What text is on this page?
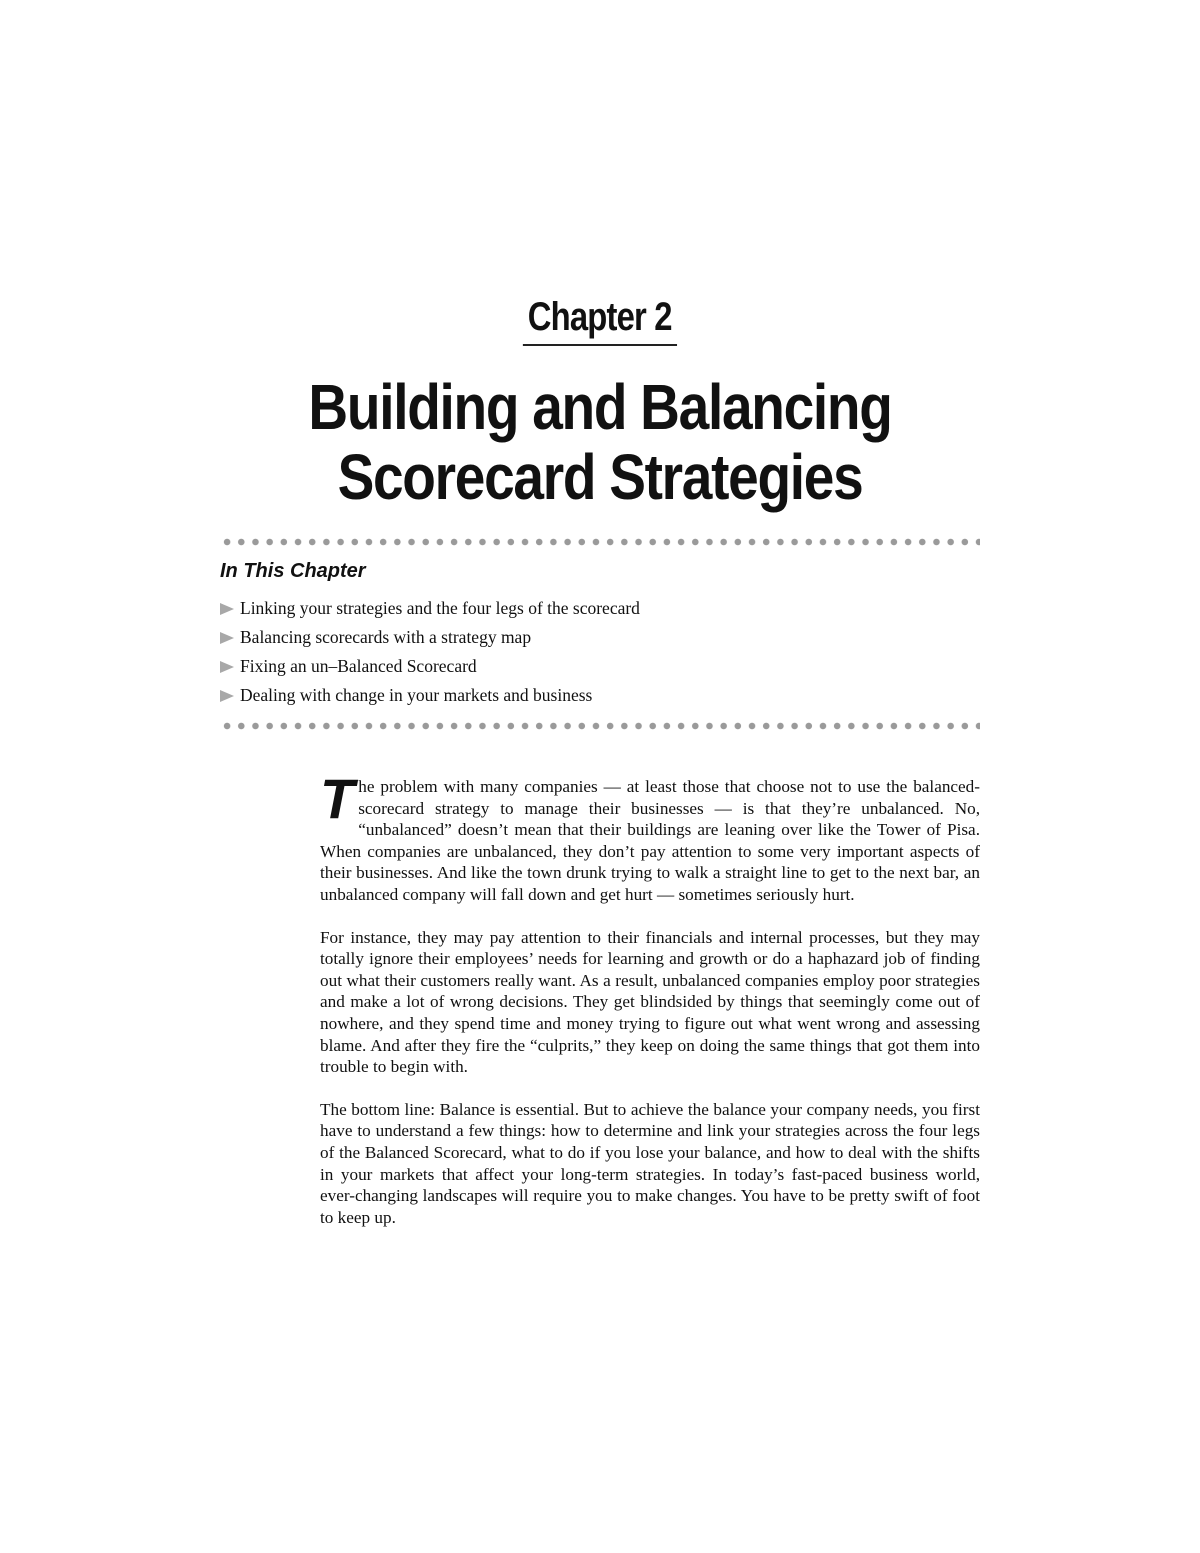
Chapter 2
Building and Balancing
Scorecard Strategies
In This Chapter
Linking your strategies and the four legs of the scorecard
Balancing scorecards with a strategy map
Fixing an un–Balanced Scorecard
Dealing with change in your markets and business

The problem with many companies — at least those that choose not to use the balanced-scorecard strategy to manage their businesses — is that they’re unbalanced. No, “unbalanced” doesn’t mean that their buildings are leaning over like the Tower of Pisa. When companies are unbalanced, they don’t pay attention to some very important aspects of their businesses. And like the town drunk trying to walk a straight line to get to the next bar, an unbalanced company will fall down and get hurt — sometimes seriously hurt.

For instance, they may pay attention to their financials and internal processes, but they may totally ignore their employees’ needs for learning and growth or do a haphazard job of finding out what their customers really want. As a result, unbalanced companies employ poor strategies and make a lot of wrong decisions. They get blindsided by things that seemingly come out of nowhere, and they spend time and money trying to figure out what went wrong and assessing blame. And after they fire the “culprits,” they keep on doing the same things that got them into trouble to begin with.

The bottom line: Balance is essential. But to achieve the balance your company needs, you first have to understand a few things: how to determine and link your strategies across the four legs of the Balanced Scorecard, what to do if you lose your balance, and how to deal with the shifts in your markets that affect your long-term strategies. In today’s fast-paced business world, ever-changing landscapes will require you to make changes. You have to be pretty swift of foot to keep up.
